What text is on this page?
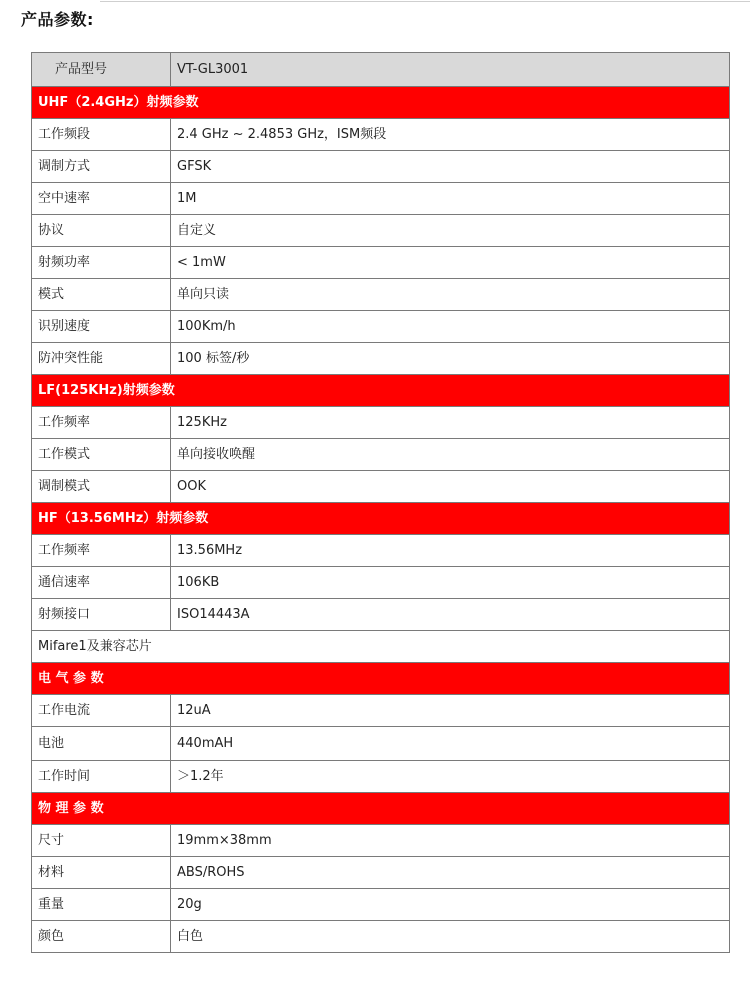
产品参数:
产品型号	VT-GL3001
UHF（2.4GHz）射频参数	
工作频段	2.4 GHz ~ 2.4853 GHz，ISM频段
调制方式	GFSK
空中速率	1M
协议	自定义
射频功率	< 1mW
模式	单向只读
识别速度	100Km/h
防冲突性能	100 标签/秒
LF(125KHz)射频参数	
工作频率	125KHz
工作模式	单向接收唤醒
调制模式	OOK
HF（13.56MHz）射频参数	
工作频率	13.56MHz
通信速率	106KB
射频接口	ISO14443A
Mifare1及兼容芯片	
电 气 参 数	
工作电流	12uA
电池	440mAH
工作时间	＞1.2年
物 理 参 数	
尺寸	19mm×38mm
材料	ABS/ROHS
重量	20g
颜色	白色
